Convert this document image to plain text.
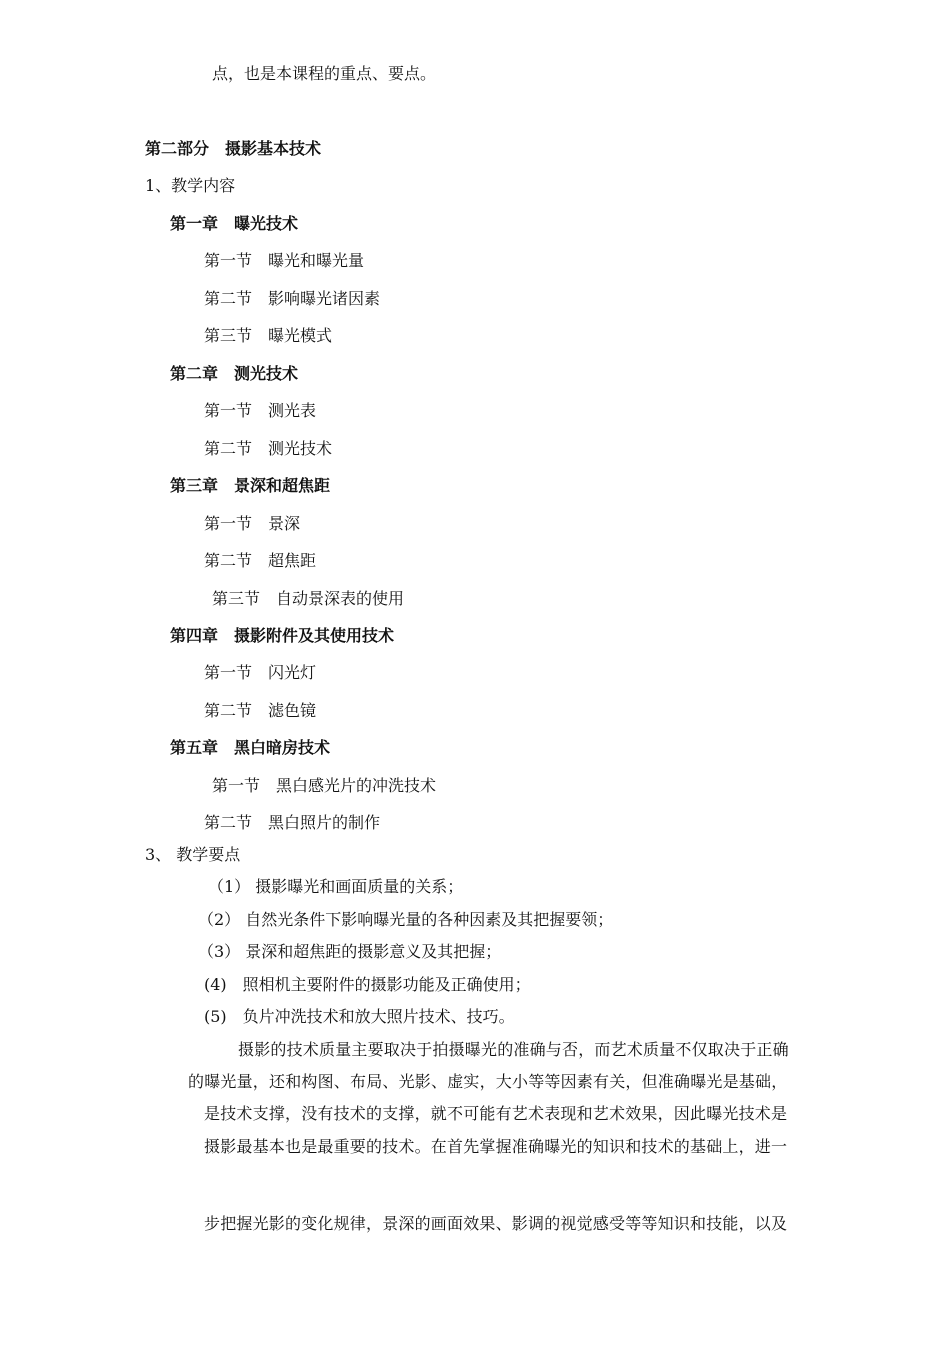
点，也是本课程的重点、要点。
第二部分　摄影基本技术
1、教学内容
第一章　曝光技术
第一节　曝光和曝光量
第二节　影响曝光诸因素
第三节　曝光模式
第二章　测光技术
第一节　测光表
第二节　测光技术
第三章　景深和超焦距
第一节　景深
第二节　超焦距
第三节　自动景深表的使用
第四章　摄影附件及其使用技术
第一节　闪光灯
第二节　滤色镜
第五章　黑白暗房技术
第一节　黑白感光片的冲洗技术
第二节　黑白照片的制作
3、 教学要点
（1） 摄影曝光和画面质量的关系；
（2） 自然光条件下影响曝光量的各种因素及其把握要领；
（3） 景深和超焦距的摄影意义及其把握；
(4)　照相机主要附件的摄影功能及正确使用；
(5)　负片冲洗技术和放大照片技术、技巧。
摄影的技术质量主要取决于拍摄曝光的准确与否，而艺术质量不仅取决于正确
的曝光量，还和构图、布局、光影、虚实，大小等等因素有关，但准确曝光是基础，
是技术支撑，没有技术的支撑，就不可能有艺术表现和艺术效果，因此曝光技术是
摄影最基本也是最重要的技术。在首先掌握准确曝光的知识和技术的基础上，进一
步把握光影的变化规律，景深的画面效果、影调的视觉感受等等知识和技能，以及
